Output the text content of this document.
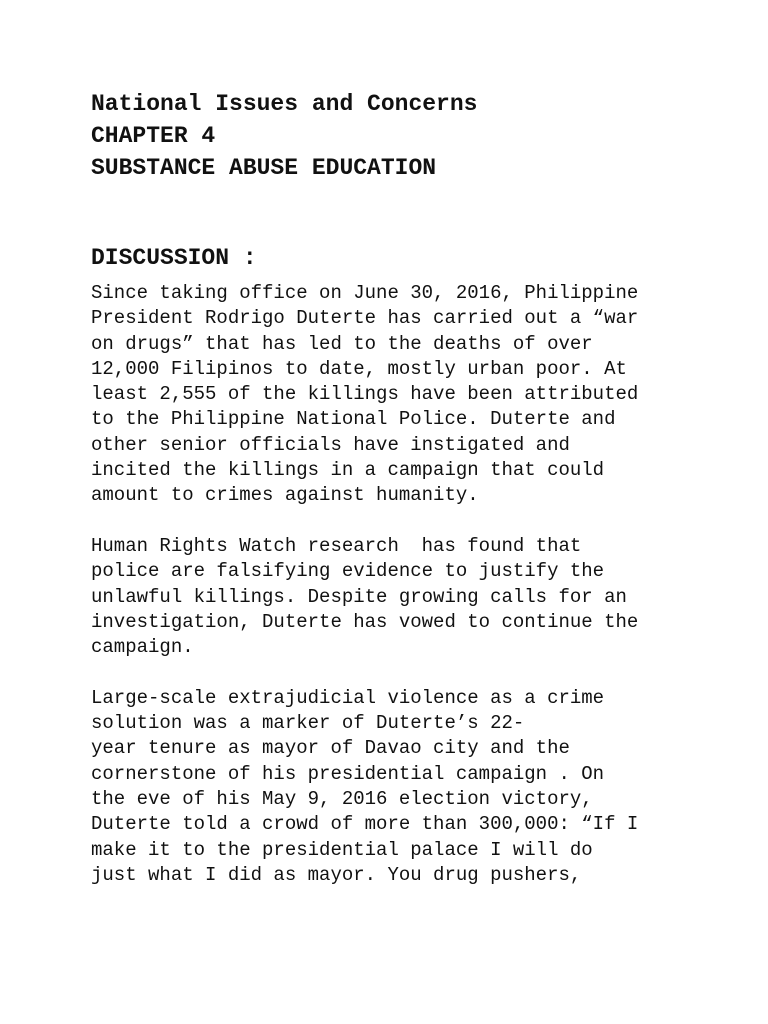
National Issues and Concerns
CHAPTER 4
SUBSTANCE ABUSE EDUCATION
DISCUSSION :

Since taking office on June 30, 2016, Philippine
President Rodrigo Duterte has carried out a “war
on drugs” that has led to the deaths of over
12,000 Filipinos to date, mostly urban poor. At
least 2,555 of the killings have been attributed
to the Philippine National Police. Duterte and
other senior officials have instigated and
incited the killings in a campaign that could
amount to crimes against humanity.

Human Rights Watch research  has found that
police are falsifying evidence to justify the
unlawful killings. Despite growing calls for an
investigation, Duterte has vowed to continue the
campaign.

Large-scale extrajudicial violence as a crime
solution was a marker of Duterte’s 22-
year tenure as mayor of Davao city and the
cornerstone of his presidential campaign . On
the eve of his May 9, 2016 election victory,
Duterte told a crowd of more than 300,000: “If I
make it to the presidential palace I will do
just what I did as mayor. You drug pushers,
